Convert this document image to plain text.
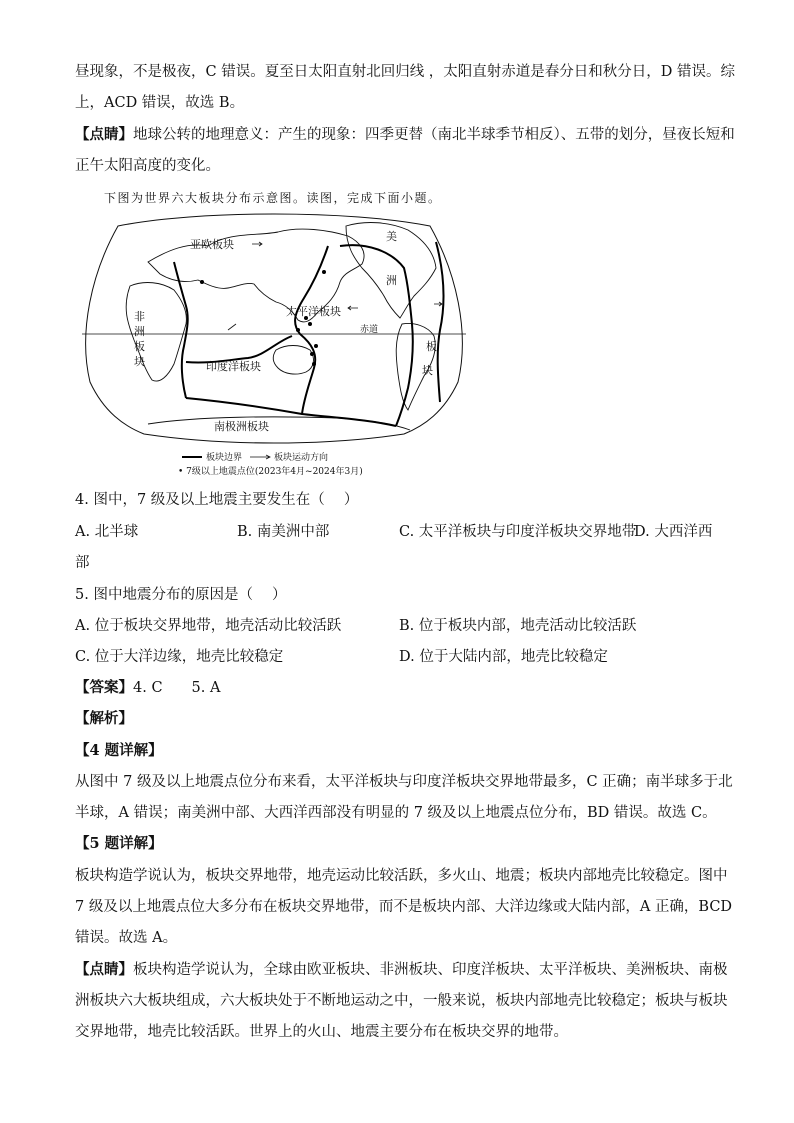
昼现象，不是极夜，C 错误。夏至日太阳直射北回归线 ，太阳直射赤道是春分日和秋分日，D 错误。综
上，ACD 错误，故选 B。
【点睛】地球公转的地理意义：产生的现象：四季更替（南北半球季节相反）、五带的划分，昼夜长短和
正午太阳高度的变化。
下图为世界六大板块分布示意图。读图，完成下面小题。
亚欧板块
太平洋板块
赤道
印度洋板块
南极洲板块
非
洲
板
块
美
洲
板
块
板块边界	板块运动方向
• 7级以上地震点位(2023年4月~2024年3月)
4. 图中，7 级及以上地震主要发生在（　 ）
A. 北半球	B. 南美洲中部	C. 太平洋板块与印度洋板块交界地带
D. 大西洋西
部
5. 图中地震分布的原因是（　 ）
A. 位于板块交界地带，地壳活动比较活跃	B. 位于板块内部，地壳活动比较活跃
C. 位于大洋边缘，地壳比较稳定	D. 位于大陆内部，地壳比较稳定
【答案】4. C　　5. A
【解析】
【4 题详解】
从图中 7 级及以上地震点位分布来看，太平洋板块与印度洋板块交界地带最多，C 正确；南半球多于北
半球，A 错误；南美洲中部、大西洋西部没有明显的 7 级及以上地震点位分布，BD 错误。故选 C。
【5 题详解】
板块构造学说认为，板块交界地带，地壳运动比较活跃，多火山、地震；板块内部地壳比较稳定。图中
7 级及以上地震点位大多分布在板块交界地带，而不是板块内部、大洋边缘或大陆内部，A 正确，BCD
错误。故选 A。
【点睛】板块构造学说认为，全球由欧亚板块、非洲板块、印度洋板块、太平洋板块、美洲板块、南极
洲板块六大板块组成，六大板块处于不断地运动之中，一般来说，板块内部地壳比较稳定；板块与板块
交界地带，地壳比较活跃。世界上的火山、地震主要分布在板块交界的地带。
